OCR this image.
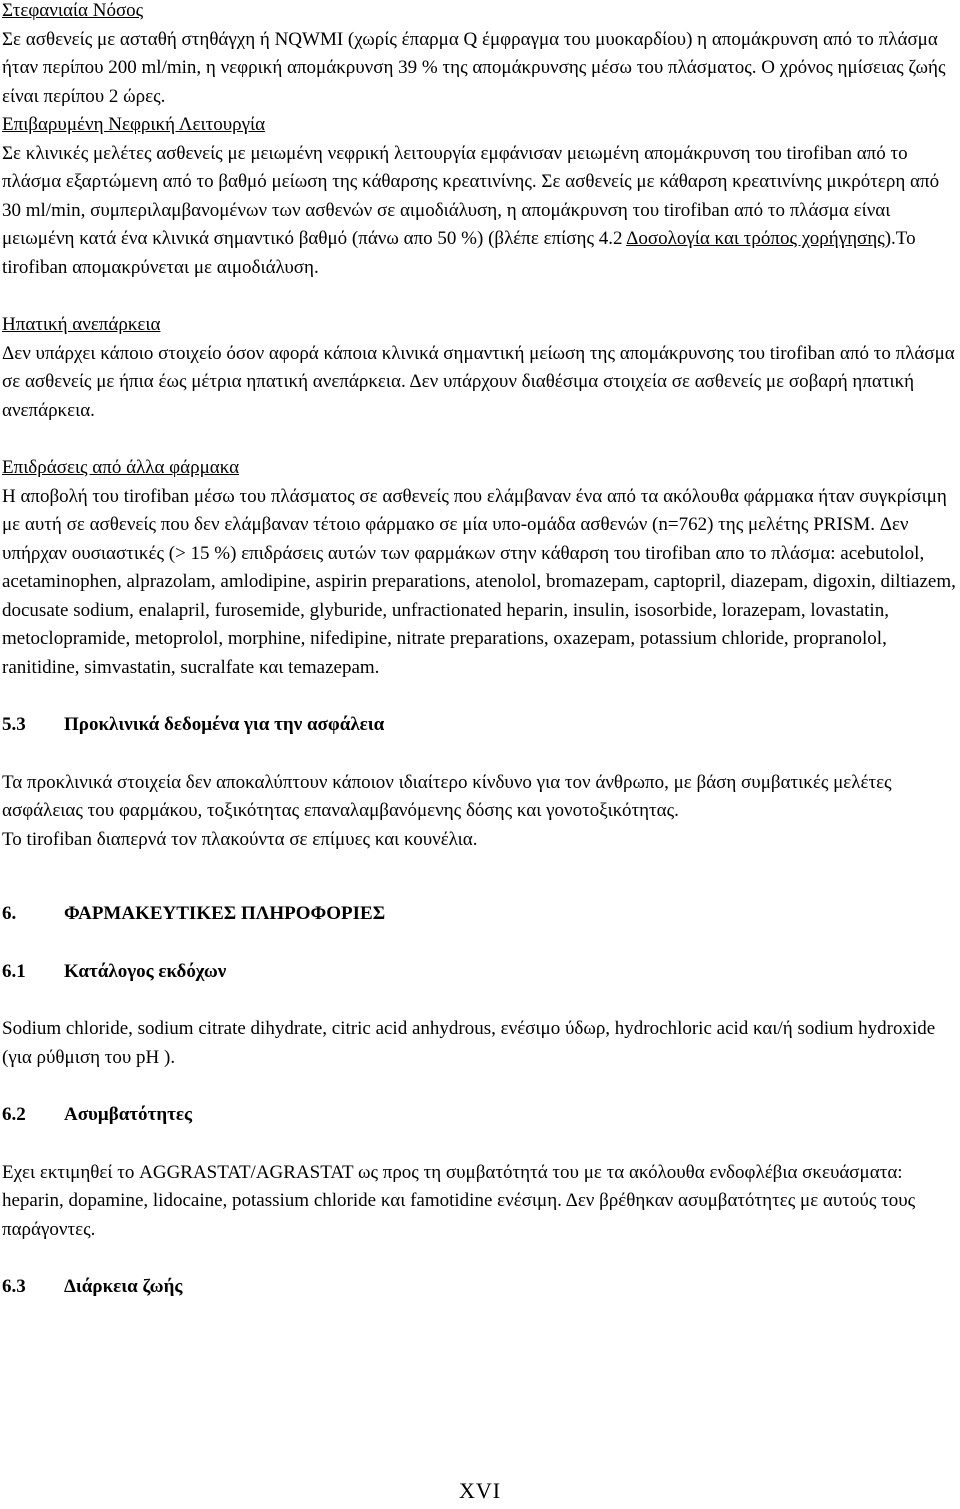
Στεφανιαία Νόσος

Σε ασθενείς με ασταθή στηθάγχη ή NQWMI (χωρίς έπαρμα Q έμφραγμα του μυοκαρδίου) η απομάκρυνση από το πλάσμα ήταν περίπου 200 ml/min, η νεφρική απομάκρυνση 39 % της απομάκρυνσης μέσω του πλάσματος. Ο χρόνος ημίσειας ζωής είναι περίπου 2 ώρες.

Επιβαρυμένη Νεφρική Λειτουργία

Σε κλινικές μελέτες ασθενείς με μειωμένη νεφρική λειτουργία εμφάνισαν μειωμένη απομάκρυνση του tirofiban από το πλάσμα εξαρτώμενη από το βαθμό μείωση της κάθαρσης κρεατινίνης. Σε ασθενείς με κάθαρση κρεατινίνης μικρότερη από 30 ml/min, συμπεριλαμβανομένων των ασθενών σε αιμοδιάλυση, η απομάκρυνση του tirofiban από το πλάσμα είναι μειωμένη κατά ένα κλινικά σημαντικό βαθμό (πάνω απο 50 %) (βλέπε επίσης 4.2 Δοσολογία και τρόπος χορήγησης).Το tirofiban απομακρύνεται με αιμοδιάλυση.

Ηπατική ανεπάρκεια

Δεν υπάρχει κάποιο στοιχείο όσον αφορά κάποια κλινικά σημαντική μείωση της απομάκρυνσης του tirofiban από το πλάσμα σε ασθενείς με ήπια έως μέτρια ηπατική ανεπάρκεια. Δεν υπάρχουν διαθέσιμα στοιχεία σε ασθενείς με σοβαρή ηπατική ανεπάρκεια.

Επιδράσεις από άλλα φάρμακα

Η αποβολή του tirofiban μέσω του πλάσματος σε ασθενείς που ελάμβαναν ένα από τα ακόλουθα φάρμακα ήταν συγκρίσιμη με αυτή σε ασθενείς που δεν ελάμβαναν τέτοιο φάρμακο σε μία υπο-ομάδα ασθενών (n=762) της μελέτης PRISM. Δεν υπήρχαν ουσιαστικές (> 15 %) επιδράσεις αυτών των φαρμάκων στην κάθαρση του tirofiban απο το πλάσμα: acebutolol, acetaminophen, alprazolam, amlodipine, aspirin preparations, atenolol, bromazepam, captopril, diazepam, digoxin, diltiazem, docusate sodium, enalapril, furosemide, glyburide, unfractionated heparin, insulin, isosorbide, lorazepam, lovastatin, metoclopramide, metoprolol, morphine, nifedipine, nitrate preparations, oxazepam, potassium chloride, propranolol, ranitidine, simvastatin, sucralfate και temazepam.

5.3	Προκλινικά δεδομένα για την ασφάλεια

Τα προκλινικά στοιχεία δεν αποκαλύπτουν κάποιον ιδιαίτερο κίνδυνο για τον άνθρωπο, με βάση συμβατικές μελέτες ασφάλειας του φαρμάκου, τοξικότητας επαναλαμβανόμενης δόσης και γονοτοξικότητας.

Το tirofiban διαπερνά τον πλακούντα σε επίμυες και κουνέλια.

6.	ΦΑΡΜΑΚΕΥΤΙΚΕΣ ΠΛΗΡΟΦΟΡΙΕΣ
6.1	Κατάλογος εκδόχων

Sodium chloride, sodium citrate dihydrate, citric acid anhydrous, ενέσιμο ύδωρ, hydrochloric acid και/ή sodium hydroxide (για ρύθμιση του pH ).

6.2	Ασυμβατότητες

Εχει εκτιμηθεί το AGGRASTAT/AGRASTAT ως προς τη συμβατότητά του με τα ακόλουθα ενδοφλέβια σκευάσματα: heparin, dopamine, lidocaine, potassium chloride και famotidine ενέσιμη. Δεν βρέθηκαν ασυμβατότητες με αυτούς τους παράγοντες.

6.3	Διάρκεια ζωής
XVI
